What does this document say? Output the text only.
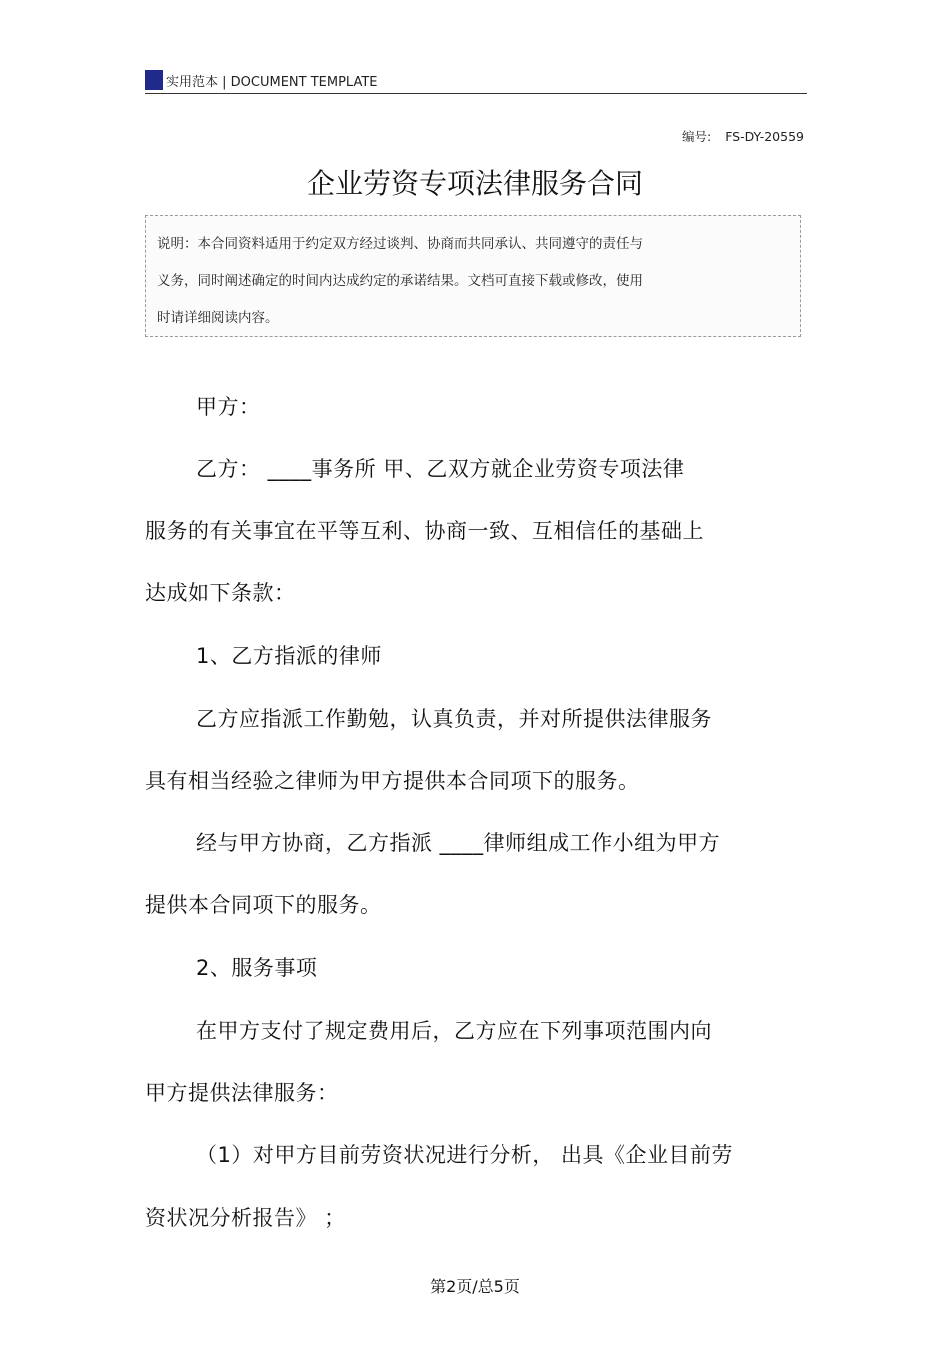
实用范本 | DOCUMENT TEMPLATE
编号: FS-DY-20559
企业劳资专项法律服务合同

说明：本合同资料适用于约定双方经过谈判、协商而共同承认、共同遵守的责任与

义务，同时阐述确定的时间内达成约定的承诺结果。文档可直接下载或修改，使用

时请详细阅读内容。

甲方：
乙方： ____事务所 甲、乙双方就企业劳资专项法律
服务的有关事宜在平等互利、协商一致、互相信任的基础上
达成如下条款：
1、乙方指派的律师
乙方应指派工作勤勉，认真负责，并对所提供法律服务
具有相当经验之律师为甲方提供本合同项下的服务。
经与甲方协商，乙方指派 ____律师组成工作小组为甲方
提供本合同项下的服务。
2、服务事项
在甲方支付了规定费用后，乙方应在下列事项范围内向
甲方提供法律服务：
（1）对甲方目前劳资状况进行分析， 出具《企业目前劳
资状况分析报告》 ；
第2页/总5页
